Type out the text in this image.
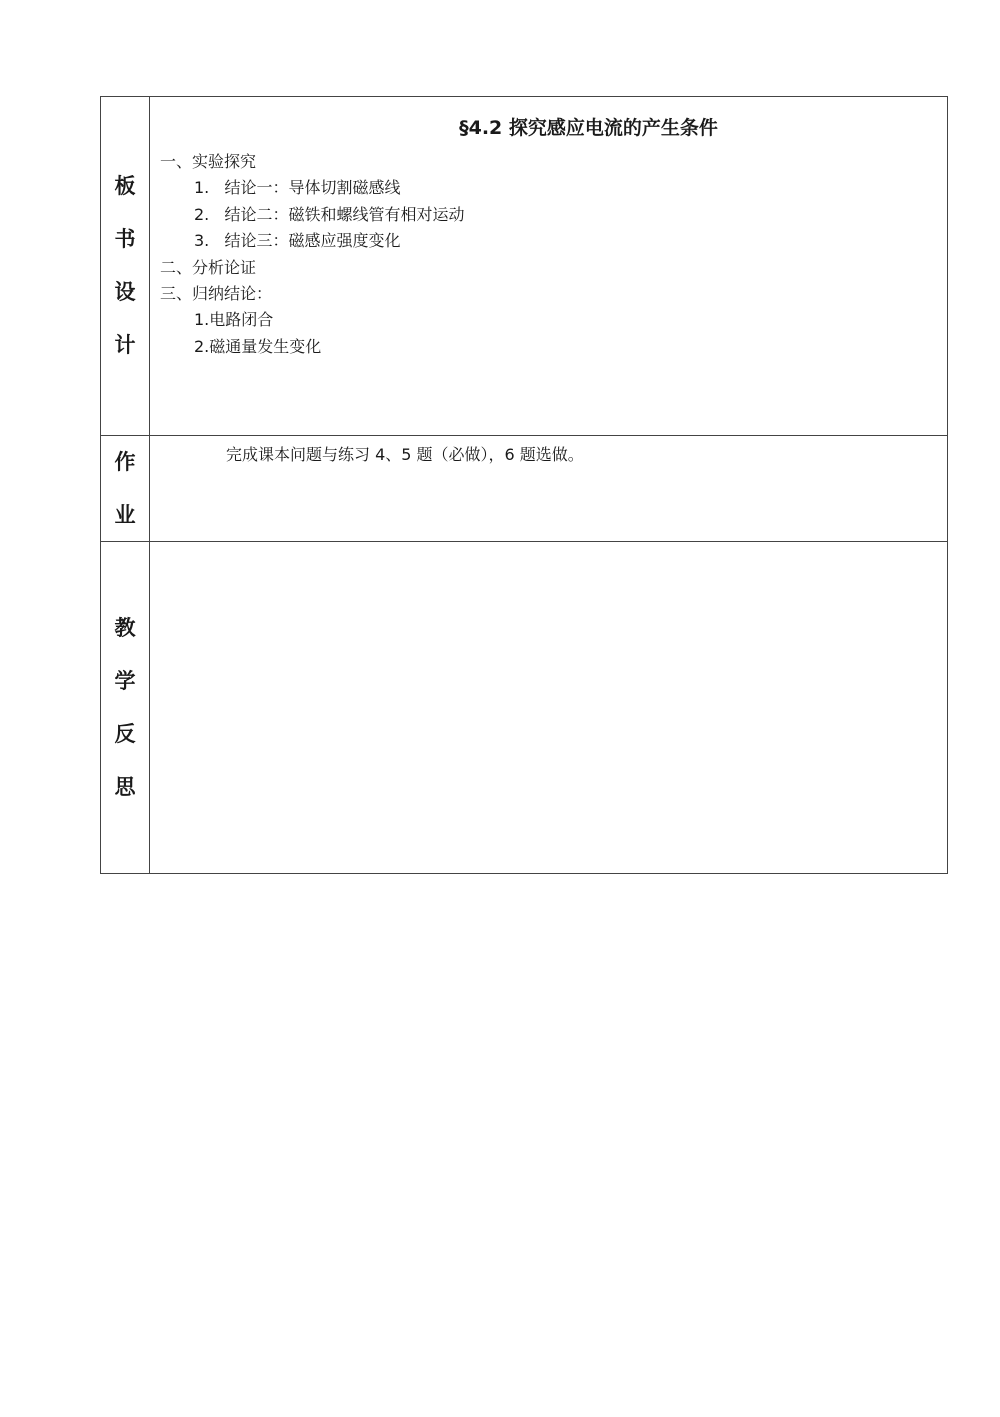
板
书
设
计
§4.2 探究感应电流的产生条件
一、实验探究
1.   结论一：导体切割磁感线
2.   结论二：磁铁和螺线管有相对运动
3.   结论三：磁感应强度变化
二、分析论证
三、归纳结论：
1.电路闭合
2.磁通量发生变化
作
业
完成课本问题与练习 4、5 题（必做），6 题选做。
教
学
反
思
